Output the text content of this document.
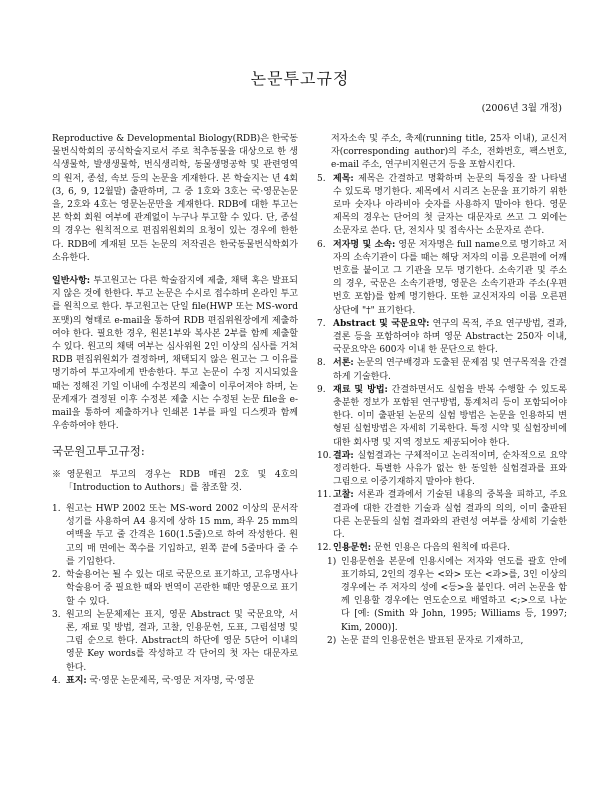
논문투고규정
(2006년 3월 개정)

Reproductive & Developmental Biology(RDB)은 한국동물번식학회의 공식학술지로서 주로 척추동물을 대상으로 한 생식생물학, 발생생물학, 번식생리학, 동물생명공학 및 관련영역의 원저, 종설, 속보 등의 논문을 게재한다. 본 학술지는 년 4회(3, 6, 9, 12월말) 출판하며, 그 중 1호와 3호는 국·영문논문을, 2호와 4호는 영문논문만을 게재한다. RDB에 대한 투고는 본 학회 회원 여부에 관계없이 누구나 투고할 수 있다. 단, 종설의 경우는 원칙적으로 편집위원회의 요청이 있는 경우에 한한다. RDB에 게재된 모든 논문의 저작권은 한국동물번식학회가 소유한다.

일반사항: 투고원고는 다른 학술잡지에 제출, 채택 혹은 발표되지 않은 것에 한한다. 투고 논문은 수시로 접수하며 온라인 투고를 원칙으로 한다. 투고원고는 단일 file(HWP 또는 MS-word 포맷)의 형태로 e-mail을 통하여 RDB 편집위원장에게 제출하여야 한다. 필요한 경우, 원본1부와 복사본 2부를 함께 제출할 수 있다. 원고의 채택 여부는 심사위원 2인 이상의 심사를 거쳐 RDB 편집위원회가 결정하며, 채택되지 않은 원고는 그 이유를 명기하여 투고자에게 반송한다. 투고 논문이 수정 지시되었을 때는 정해진 기일 이내에 수정본의 제출이 이루어져야 하며, 논문게재가 결정된 이후 수정본 제출 시는 수정된 논문 file을 e-mail을 통하여 제출하거나 인쇄본 1부를 파일 디스켓과 함께 우송하여야 한다.

국문원고투고규정:

※영문원고 투고의 경우는 RDB 매권 2호 및 4호의 「Introduction to Authors」를 참조할 것.

1. 원고는 HWP 2002 또는 MS-word 2002 이상의 문서작성기를 사용하여 A4 용지에 상하 15 mm, 좌우 25 mm의 여백을 두고 줄 간격은 160(1.5줄)으로 하여 작성한다. 원고의 매 면에는 쪽수를 기입하고, 왼쪽 끝에 5줄마다 줄 수를 기입한다.
2. 학술용어는 될 수 있는 대로 국문으로 표기하고, 고유명사나 학술용어 중 필요한 때와 번역이 곤란한 때만 영문으로 표기할 수 있다.
3. 원고의 논문체제는 표지, 영문 Abstract 및 국문요약, 서론, 재료 및 방법, 결과, 고찰, 인용문헌, 도표, 그림설명 및 그림 순으로 한다. Abstract의 하단에 영문 5단어 이내의 영문 Key words를 작성하고 각 단어의 첫 자는 대문자로 한다.
4. 표지: 국·영문 논문제목, 국·영문 저자명, 국·영문
저자소속 및 주소, 축제(running title, 25자 이내), 교신저자(corresponding author)의 주소, 전화번호, 팩스번호, e-mail 주소, 연구비지원근거 등을 포함시킨다.
5. 제목: 제목은 간결하고 명확하며 논문의 특징을 잘 나타낼 수 있도록 명기한다. 제목에서 시리즈 논문을 표기하기 위한 로마 숫자나 아라비아 숫자를 사용하지 말아야 한다. 영문 제목의 경우는 단어의 첫 글자는 대문자로 쓰고 그 외에는 소문자로 쓴다. 단, 전치사 및 접속사는 소문자로 쓴다.
6. 저자명 및 소속: 영문 저자명은 full name으로 명기하고 저자의 소속기관이 다를 때는 해당 저자의 이름 오른편에 어깨번호를 붙이고 그 기관을 모두 명기한다. 소속기관 및 주소의 경우, 국문은 소속기관명, 영문은 소속기관과 주소(우편번호 포함)를 함께 명기한다. 또한 교신저자의 이름 오른편 상단에 "†" 표기한다.
7. Abstract 및 국문요약: 연구의 목적, 주요 연구방법, 결과, 결론 등을 포함하여야 하며 영문 Abstract는 250자 이내, 국문요약은 600자 이내 한 문단으로 한다.
8. 서론: 논문의 연구배경과 도출된 문제점 및 연구목적을 간결하게 기술한다.
9. 재료 및 방법: 간결하면서도 실험을 반복 수행할 수 있도록 충분한 정보가 포함된 연구방법, 통계처리 등이 포함되어야 한다. 이미 출판된 논문의 실험 방법은 논문을 인용하되 변형된 실험방법은 자세히 기록한다. 특정 시약 및 실험장비에 대한 회사명 및 지역 정보도 제공되어야 한다.
10. 결과: 실험결과는 구체적이고 논리적이며, 순차적으로 요약 정리한다. 특별한 사유가 없는 한 동일한 실험결과를 표와 그림으로 이중기재하지 말아야 한다.
11. 고찰: 서론과 결과에서 기술된 내용의 중복을 피하고, 주요 결과에 대한 간결한 기술과 실험 결과의 의의, 이미 출판된 다른 논문들의 실험 결과와의 관련성 여부를 상세히 기술한다.
12. 인용문헌: 문헌 인용은 다음의 원칙에 따른다.
1) 인용문헌을 본문에 인용시에는 저자와 연도를 괄호 안에 표기하되, 2인의 경우는 <와> 또는 <과>를, 3인 이상의 경우에는 주 저자의 성에 <등>을 붙인다. 여러 논문을 함께 인용할 경우에는 연도순으로 배열하고 <;>으로 나눈다 [예: (Smith 와 John, 1995; Williams 등, 1997; Kim, 2000)].
2) 논문 끝의 인용문헌은 발표된 문자로 기재하고,
